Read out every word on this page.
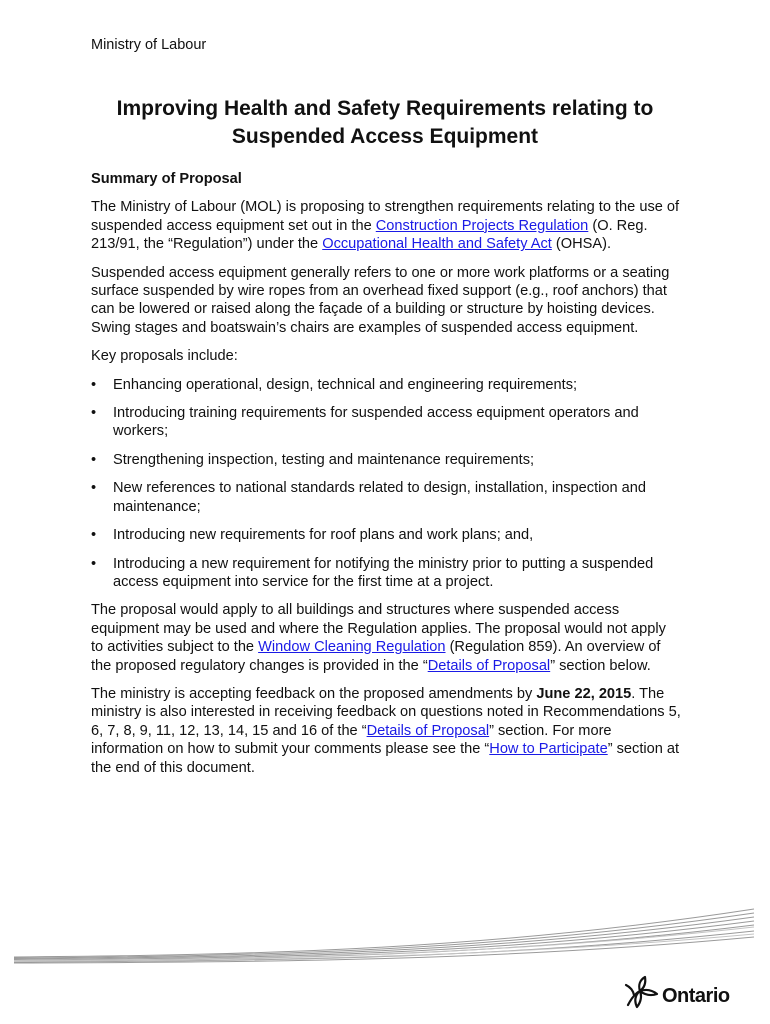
Ministry of Labour
Improving Health and Safety Requirements relating to
Suspended Access Equipment

Summary of Proposal

The Ministry of Labour (MOL) is proposing to strengthen requirements relating to the use of suspended access equipment set out in the Construction Projects Regulation (O. Reg. 213/91, the “Regulation”) under the Occupational Health and Safety Act (OHSA).

Suspended access equipment generally refers to one or more work platforms or a seating surface suspended by wire ropes from an overhead fixed support (e.g., roof anchors) that can be lowered or raised along the façade of a building or structure by hoisting devices. Swing stages and boatswain’s chairs are examples of suspended access equipment.

Key proposals include:

• Enhancing operational, design, technical and engineering requirements;
• Introducing training requirements for suspended access equipment operators and workers;
• Strengthening inspection, testing and maintenance requirements;
• New references to national standards related to design, installation, inspection and maintenance;
• Introducing new requirements for roof plans and work plans; and,
• Introducing a new requirement for notifying the ministry prior to putting a suspended access equipment into service for the first time at a project.

The proposal would apply to all buildings and structures where suspended access equipment may be used and where the Regulation applies. The proposal would not apply to activities subject to the Window Cleaning Regulation (Regulation 859). An overview of the proposed regulatory changes is provided in the “Details of Proposal” section below.

The ministry is accepting feedback on the proposed amendments by June 22, 2015. The ministry is also interested in receiving feedback on questions noted in Recommendations 5, 6, 7, 8, 9, 11, 12, 13, 14, 15 and 16 of the “Details of Proposal” section. For more information on how to submit your comments please see the “How to Participate” section at the end of this document.

Ontario
